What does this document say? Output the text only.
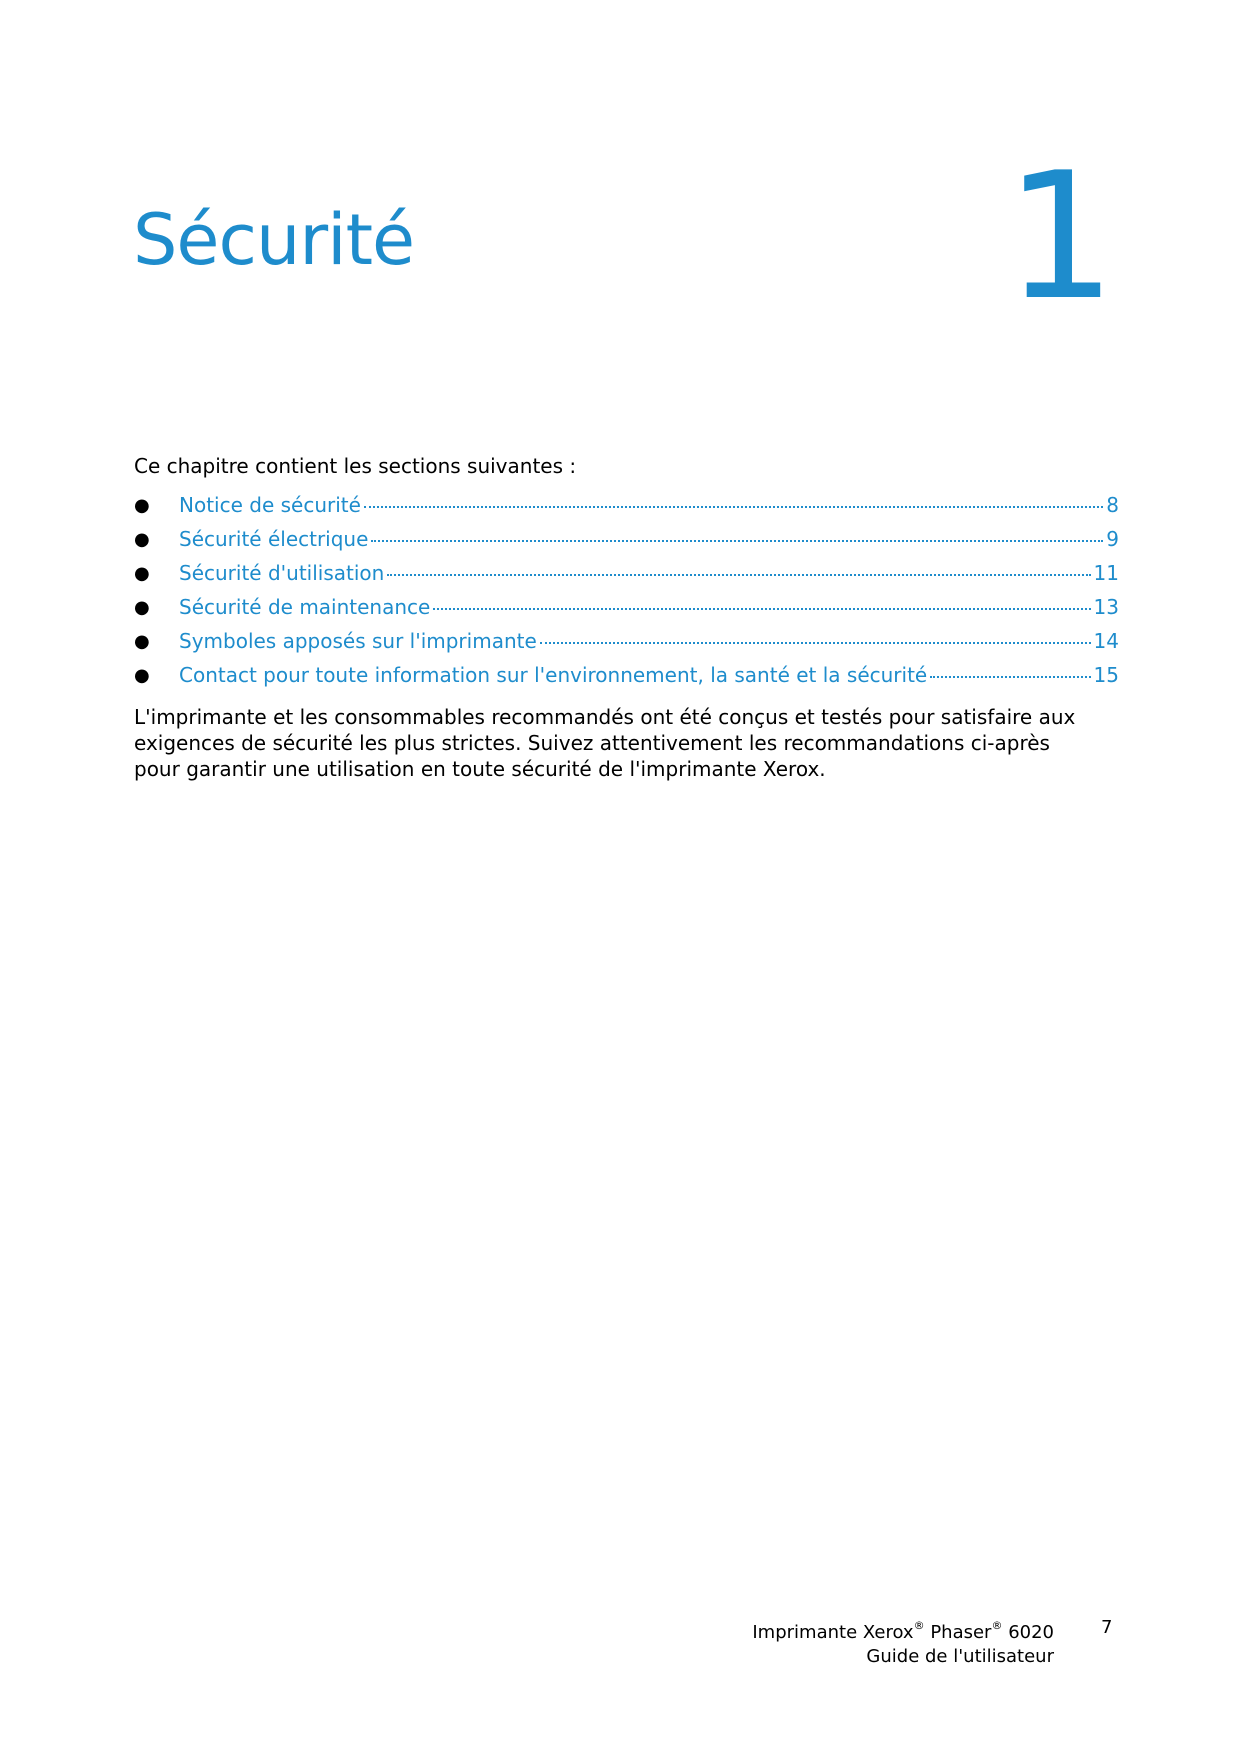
Sécurité	1
Ce chapitre contient les sections suivantes :
● Notice de sécurité	8
● Sécurité électrique	9
● Sécurité d'utilisation	11
● Sécurité de maintenance	13
● Symboles apposés sur l'imprimante	14
● Contact pour toute information sur l'environnement, la santé et la sécurité	15

L'imprimante et les consommables recommandés ont été conçus et testés pour satisfaire aux exigences de sécurité les plus strictes. Suivez attentivement les recommandations ci-après pour garantir une utilisation en toute sécurité de l'imprimante Xerox.

Imprimante Xerox® Phaser® 6020
Guide de l'utilisateur
7
